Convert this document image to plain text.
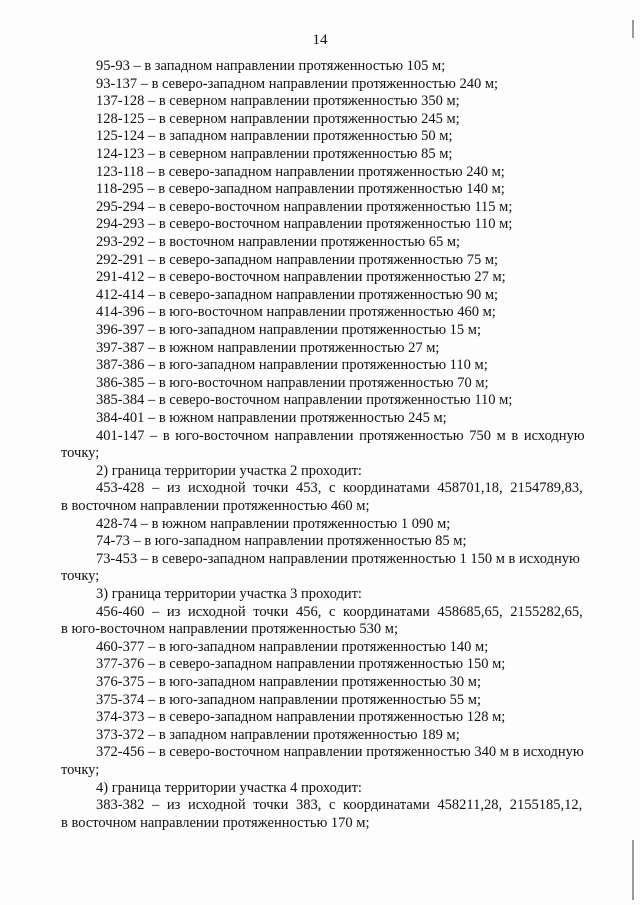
14
95-93 – в западном направлении протяженностью 105 м;
93-137 – в северо-западном направлении протяженностью 240 м;
137-128 – в северном направлении протяженностью 350 м;
128-125 – в северном направлении протяженностью 245 м;
125-124 – в западном направлении протяженностью 50 м;
124-123 – в северном направлении протяженностью 85 м;
123-118 – в северо-западном направлении протяженностью 240 м;
118-295 – в северо-западном направлении протяженностью 140 м;
295-294 – в северо-восточном направлении протяженностью 115 м;
294-293 – в северо-восточном направлении протяженностью 110 м;
293-292 – в восточном направлении протяженностью 65 м;
292-291 – в северо-западном направлении протяженностью 75 м;
291-412 – в северо-восточном направлении протяженностью 27 м;
412-414 – в северо-западном направлении протяженностью 90 м;
414-396 – в юго-восточном направлении протяженностью 460 м;
396-397 – в юго-западном направлении протяженностью 15 м;
397-387 – в южном направлении протяженностью 27 м;
387-386 – в юго-западном направлении протяженностью 110 м;
386-385 – в юго-восточном направлении протяженностью 70 м;
385-384 – в северо-восточном направлении протяженностью 110 м;
384-401 – в южном направлении протяженностью 245 м;
401-147 – в юго-восточном направлении протяженностью 750 м в исходную
точку;
2) граница территории участка 2 проходит:
453-428 – из исходной точки 453, с координатами 458701,18, 2154789,83,
в восточном направлении протяженностью 460 м;
428-74 – в южном направлении протяженностью 1 090 м;
74-73 – в юго-западном направлении протяженностью 85 м;
73-453 – в северо-западном направлении протяженностью 1 150 м в исходную
точку;
3) граница территории участка 3 проходит:
456-460 – из исходной точки 456, с координатами 458685,65, 2155282,65,
в юго-восточном направлении протяженностью 530 м;
460-377 – в юго-западном направлении протяженностью 140 м;
377-376 – в северо-западном направлении протяженностью 150 м;
376-375 – в юго-западном направлении протяженностью 30 м;
375-374 – в юго-западном направлении протяженностью 55 м;
374-373 – в северо-западном направлении протяженностью 128 м;
373-372 – в западном направлении протяженностью 189 м;
372-456 – в северо-восточном направлении протяженностью 340 м в исходную
точку;
4) граница территории участка 4 проходит:
383-382 – из исходной точки 383, с координатами 458211,28, 2155185,12,
в восточном направлении протяженностью 170 м;
